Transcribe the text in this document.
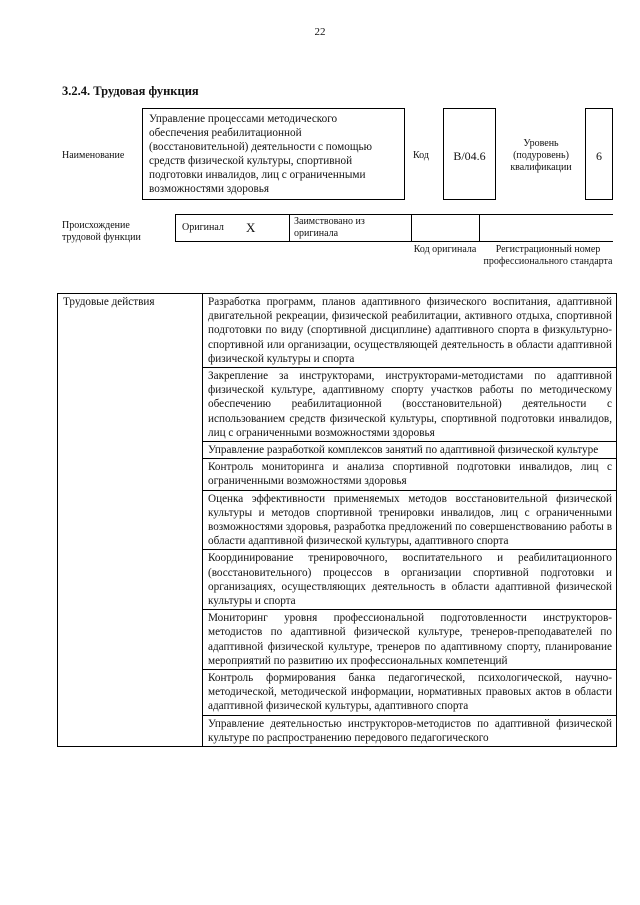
22
3.2.4. Трудовая функция
Наименование
Управление процессами методического обеспечения реабилитационной (восстановительной) деятельности с помощью средств физической культуры, спортивной подготовки инвалидов, лиц с ограниченными возможностями здоровья
Код	B/04.6
Уровень (подуровень) квалификации
6
Происхождение трудовой функции
Оригинал	X	Заимствовано из оригинала
Код оригинала	Регистрационный номер профессионального стандарта
Трудовые действия	Разработка программ, планов адаптивного физического воспитания, адаптивной двигательной рекреации, физической реабилитации, активного отдыха, спортивной подготовки по виду (спортивной дисциплине) адаптивного спорта в физкультурно-спортивной или организации, осуществляющей деятельность в области адаптивной физической культуры и спорта
Закрепление за инструкторами, инструкторами-методистами по адаптивной физической культуре, адаптивному спорту участков работы по методическому обеспечению реабилитационной (восстановительной) деятельности с использованием средств физической культуры, спортивной подготовки инвалидов, лиц с ограниченными возможностями здоровья
Управление разработкой комплексов занятий по адаптивной физической культуре
Контроль мониторинга и анализа спортивной подготовки инвалидов, лиц с ограниченными возможностями здоровья
Оценка эффективности применяемых методов восстановительной физической культуры и методов спортивной тренировки инвалидов, лиц с ограниченными возможностями здоровья, разработка предложений по совершенствованию работы в области адаптивной физической культуры, адаптивного спорта
Координирование тренировочного, воспитательного и реабилитационного (восстановительного) процессов в организации спортивной подготовки и организациях, осуществляющих деятельность в области адаптивной физической культуры и спорта
Мониторинг уровня профессиональной подготовленности инструкторов-методистов по адаптивной физической культуре, тренеров-преподавателей по адаптивной физической культуре, тренеров по адаптивному спорту, планирование мероприятий по развитию их профессиональных компетенций
Контроль формирования банка педагогической, психологической, научно-методической, методической информации, нормативных правовых актов в области адаптивной физической культуры, адаптивного спорта
Управление деятельностью инструкторов-методистов по адаптивной физической культуре по распространению передового педагогического
